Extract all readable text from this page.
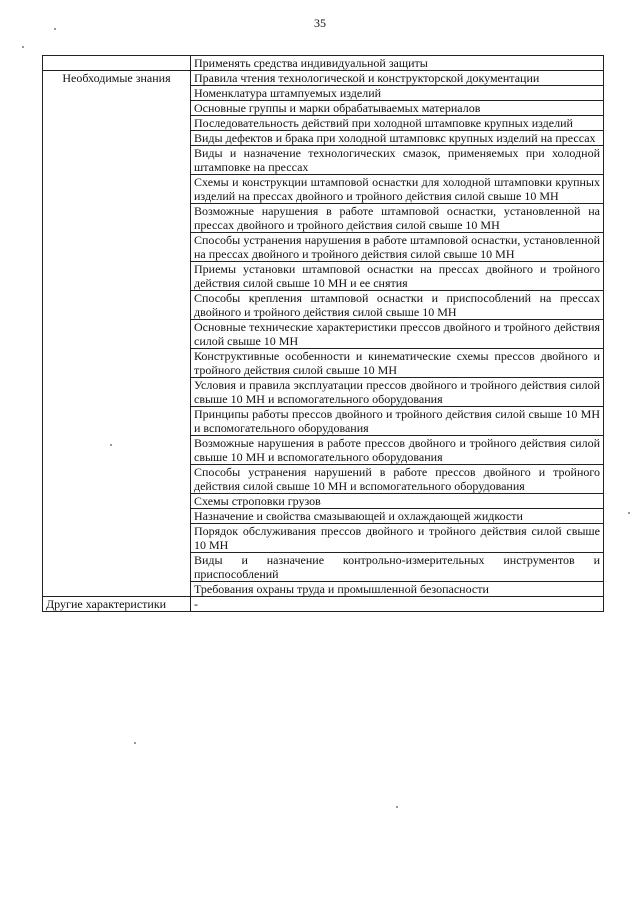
35
	Применять средства индивидуальной защиты

Необходимые знания	Правила чтения технологической и конструкторской документации
	Номенклатура штампуемых изделий
	Основные группы и марки обрабатываемых материалов
	Последовательность действий при холодной штамповке крупных изделий
	Виды дефектов и брака при холодной штамповкс крупных изделий на прессах
	Виды и назначение технологических смазок, применяемых при холодной штамповке на прессах
	Схемы и конструкции штамповой оснастки для холодной штамповки крупных изделий на прессах двойного и тройного действия силой свыше 10 МН
	Возможные нарушения в работе штамповой оснастки, установленной на прессах двойного и тройного действия силой свыше 10 МН
	Способы устранения нарушения в работе штамповой оснастки, установленной на прессах двойного и тройного действия силой свыше 10 МН
	Приемы установки штамповой оснастки на прессах двойного и тройного действия силой свыше 10 МН и ее снятия
	Способы крепления штамповой оснастки и приспособлений на прессах двойного и тройного действия силой свыше 10 МН
	Основные технические характеристики прессов двойного и тройного действия силой свыше 10 МН
	Конструктивные особенности и кинематические схемы прессов двойного и тройного действия силой свыше 10 МН
	Условия и правила эксплуатации прессов двойного и тройного действия силой свыше 10 МН и вспомогательного оборудования
	Принципы работы прессов двойного и тройного действия силой свыше 10 МН и вспомогательного оборудования
	Возможные нарушения в работе прессов двойного и тройного действия силой свыше 10 МН и вспомогательного оборудования
	Способы устранения нарушений в работе прессов двойного и тройного действия силой свыше 10 МН и вспомогательного оборудования
	Схемы строповки грузов
	Назначение и свойства смазывающей и охлаждающей жидкости
	Порядок обслуживания прессов двойного и тройного действия силой свыше 10 МН
	Виды и назначение контрольно-измерительных инструментов и приспособлений
	Требования охраны труда и промышленной безопасности

Другие характеристики	-
